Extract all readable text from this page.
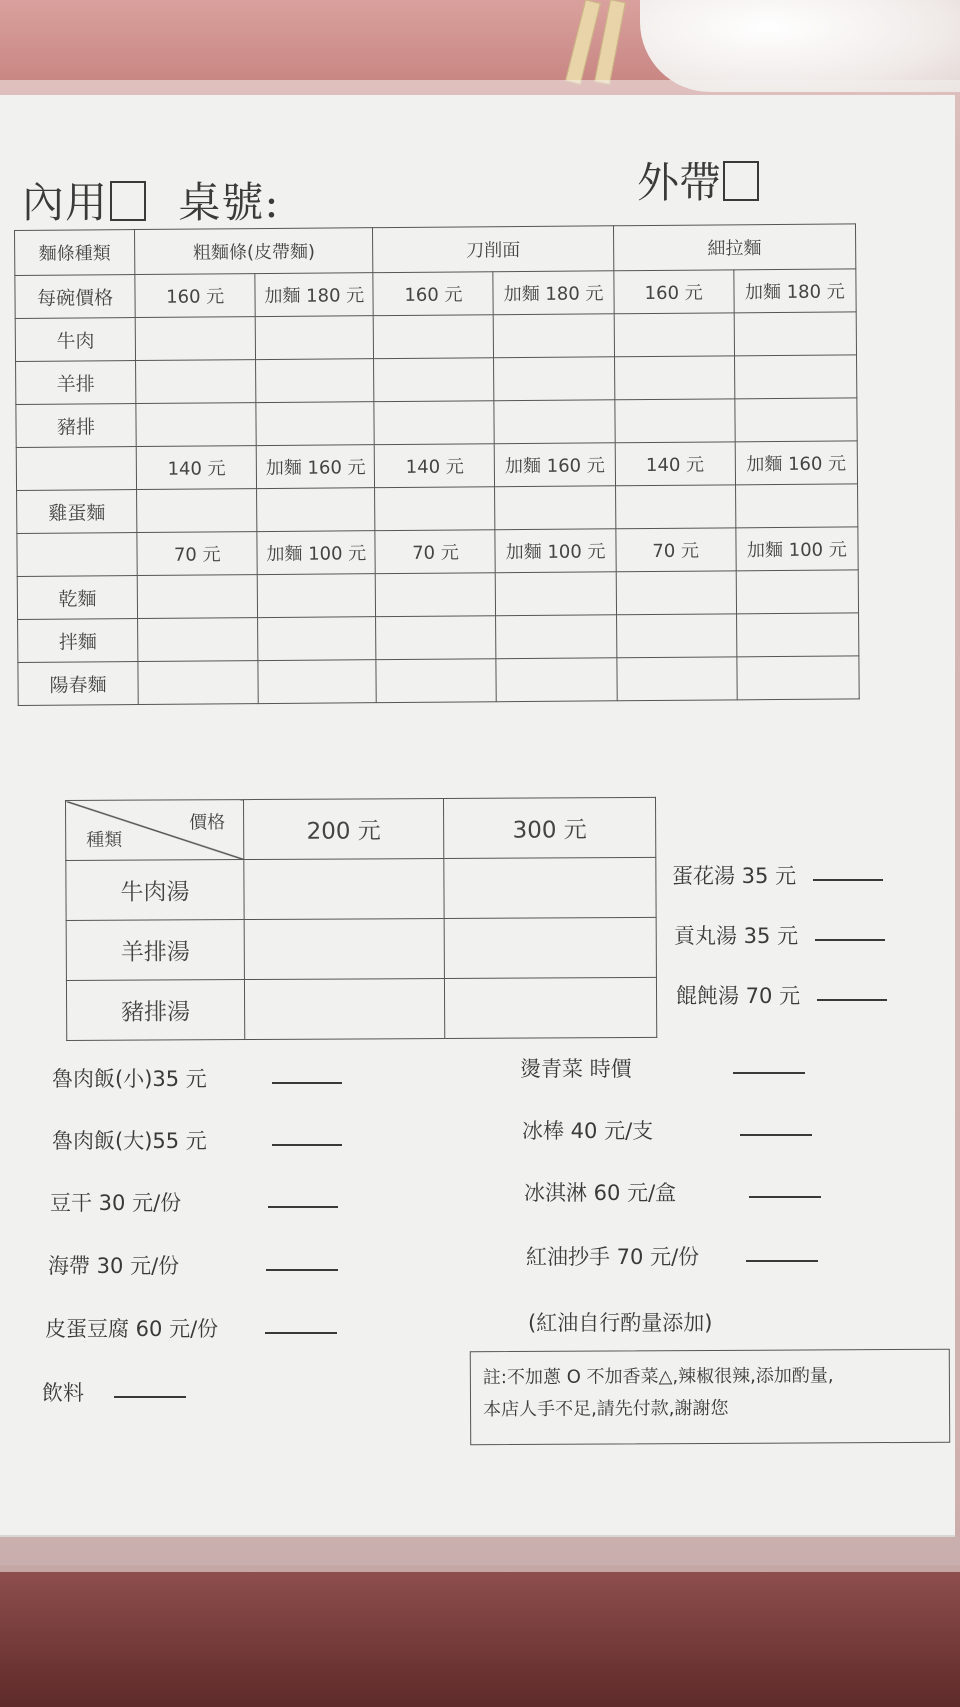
內用 桌號:	外帶
麵條種類	粗麵條(皮帶麵)		刀削面		細拉麵	
每碗價格	160 元	加麵 180 元	160 元	加麵 180 元	160 元	加麵 180 元
牛肉						
羊排						
豬排						
	140 元	加麵 160 元	140 元	加麵 160 元	140 元	加麵 160 元
雞蛋麵						
	70 元	加麵 100 元	70 元	加麵 100 元	70 元	加麵 100 元
乾麵						
拌麵						
陽春麵						
價格
種類	200 元	300 元
牛肉湯		
羊排湯		
豬排湯		
蛋花湯 35 元
貢丸湯 35 元
餛飩湯 70 元
魯肉飯(小)35 元
魯肉飯(大)55 元
豆干 30 元/份
海帶 30 元/份
皮蛋豆腐 60 元/份
飲料
燙青菜 時價
冰棒 40 元/支
冰淇淋 60 元/盒
紅油抄手 70 元/份
(紅油自行酌量添加)
註:不加蔥 O 不加香菜△,辣椒很辣,添加酌量,
本店人手不足,請先付款,謝謝您
